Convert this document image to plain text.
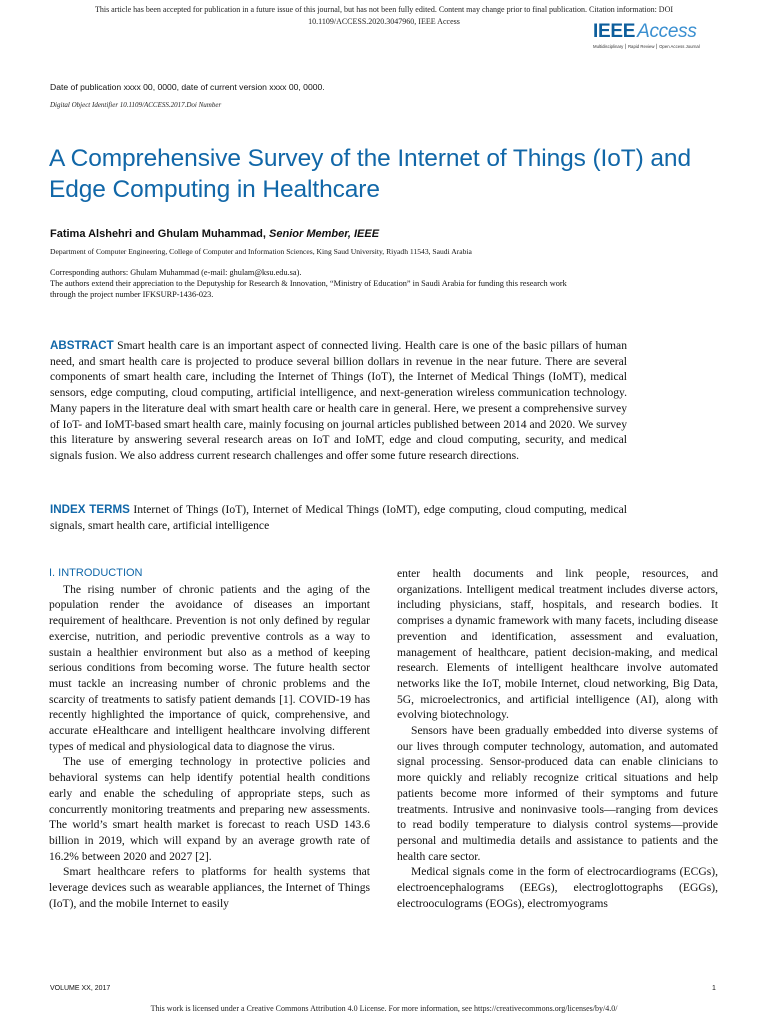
This article has been accepted for publication in a future issue of this journal, but has not been fully edited. Content may change prior to final publication. Citation information: DOI
10.1109/ACCESS.2020.3047960, IEEE Access	IEEE Access
Multidisciplinary ⎮ Rapid Review ⎮ Open Access Journal
Date of publication xxxx 00, 0000, date of current version xxxx 00, 0000.
Digital Object Identifier 10.1109/ACCESS.2017.Doi Number
A Comprehensive Survey of the Internet of Things (IoT) and Edge Computing in Healthcare
Fatima Alshehri and Ghulam Muhammad, Senior Member, IEEE
Department of Computer Engineering, College of Computer and Information Sciences, King Saud University, Riyadh 11543, Saudi Arabia
Corresponding authors: Ghulam Muhammad (e-mail: ghulam@ksu.edu.sa).
The authors extend their appreciation to the Deputyship for Research & Innovation, “Ministry of Education” in Saudi Arabia for funding this research work
through the project number IFKSURP-1436-023.

ABSTRACT Smart health care is an important aspect of connected living. Health care is one of the basic pillars of human need, and smart health care is projected to produce several billion dollars in revenue in the near future. There are several components of smart health care, including the Internet of Things (IoT), the Internet of Medical Things (IoMT), medical sensors, edge computing, cloud computing, artificial intelligence, and next-generation wireless communication technology. Many papers in the literature deal with smart health care or health care in general. Here, we present a comprehensive survey of IoT- and IoMT-based smart health care, mainly focusing on journal articles published between 2014 and 2020. We survey this literature by answering several research areas on IoT and IoMT, edge and cloud computing, security, and medical signals fusion. We also address current research challenges and offer some future research directions.

INDEX TERMS Internet of Things (IoT), Internet of Medical Things (IoMT), edge computing, cloud computing, medical signals, smart health care, artificial intelligence

I. INTRODUCTION

The rising number of chronic patients and the aging of the population render the avoidance of diseases an important requirement of healthcare. Prevention is not only defined by regular exercise, nutrition, and periodic preventive controls as a way to sustain a healthier environment but also as a method of keeping serious conditions from becoming worse. The future health sector must tackle an increasing number of chronic problems and the scarcity of treatments to satisfy patient demands [1]. COVID-19 has recently highlighted the importance of quick, comprehensive, and accurate eHealthcare and intelligent healthcare involving different types of medical and physiological data to diagnose the virus.

The use of emerging technology in protective policies and behavioral systems can help identify potential health conditions early and enable the scheduling of appropriate steps, such as concurrently monitoring treatments and preparing new assessments. The world’s smart health market is forecast to reach USD 143.6 billion in 2019, which will expand by an average growth rate of 16.2% between 2020 and 2027 [2].

Smart healthcare refers to platforms for health systems that leverage devices such as wearable appliances, the Internet of Things (IoT), and the mobile Internet to easily

enter health documents and link people, resources, and organizations. Intelligent medical treatment includes diverse actors, including physicians, staff, hospitals, and research bodies. It comprises a dynamic framework with many facets, including disease prevention and identification, assessment and evaluation, management of healthcare, patient decision-making, and medical research. Elements of intelligent healthcare involve automated networks like the IoT, mobile Internet, cloud networking, Big Data, 5G, microelectronics, and artificial intelligence (AI), along with evolving biotechnology.

Sensors have been gradually embedded into diverse systems of our lives through computer technology, automation, and automated signal processing. Sensor-produced data can enable clinicians to more quickly and reliably recognize critical situations and help patients become more informed of their symptoms and future treatments. Intrusive and noninvasive tools—ranging from devices to read bodily temperature to dialysis control systems—provide personal and multimedia details and assistance to patients and the health care sector.

Medical signals come in the form of electrocardiograms (ECGs), electroencephalograms (EEGs), electroglottographs (EGGs), electrooculograms (EOGs), electromyograms

VOLUME XX, 2017	1
This work is licensed under a Creative Commons Attribution 4.0 License. For more information, see https://creativecommons.org/licenses/by/4.0/
